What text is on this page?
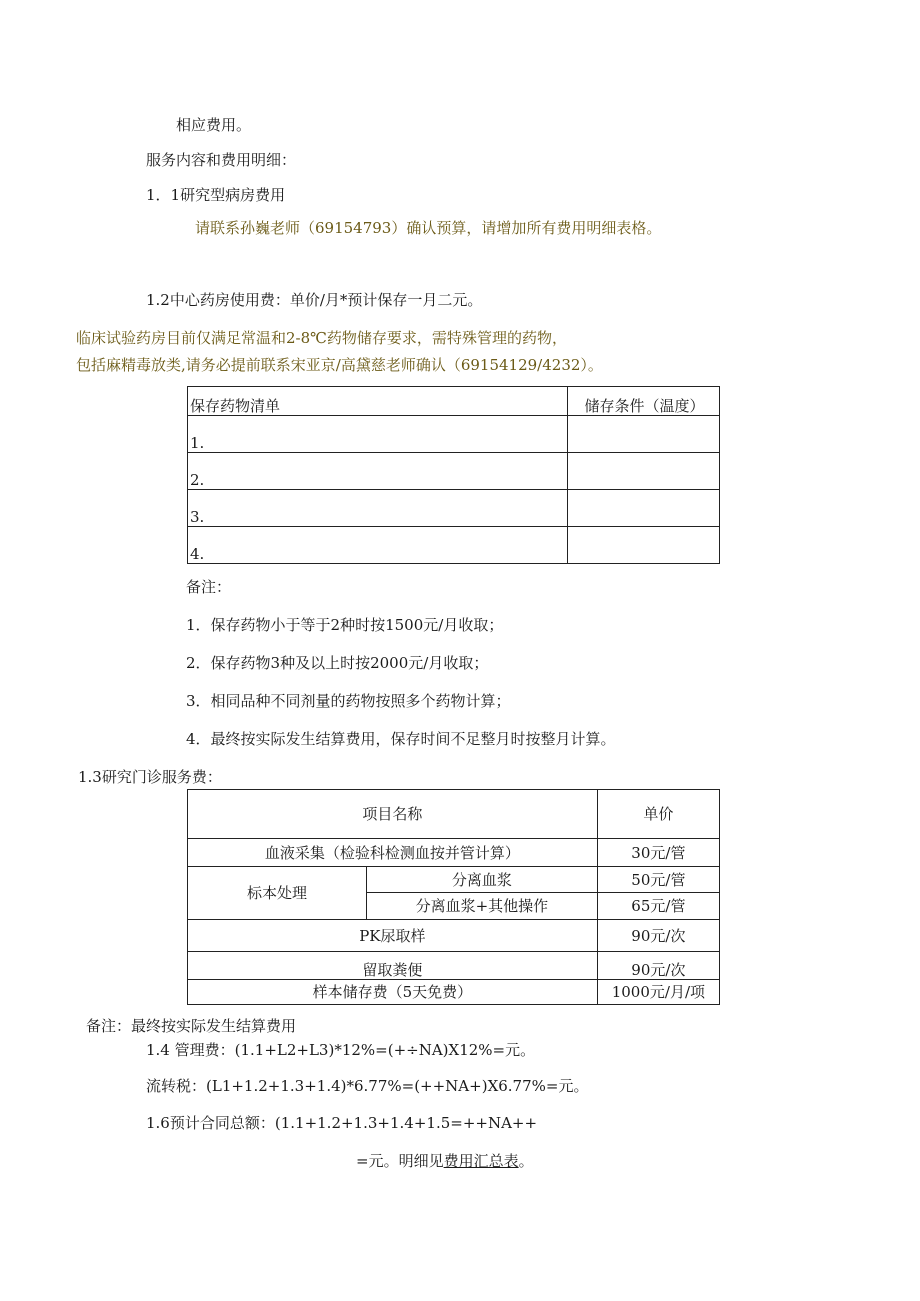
相应费用。
服务内容和费用明细：
1．1研究型病房费用
请联系孙巍老师（69154793）确认预算，请增加所有费用明细表格。
1.2中心药房使用费：单价/月*预计保存一月二元。
临床试验药房目前仅满足常温和2-8℃药物储存要求，需特殊管理的药物，
包括麻精毒放类,请务必提前联系宋亚京/高黛慈老师确认（69154129/4232）。
保存药物清单	储存条件（温度）
1.	
2.	
3.	
4.	
备注：
1．保存药物小于等于2种时按1500元/月收取；
2．保存药物3种及以上时按2000元/月收取；
3．相同品种不同剂量的药物按照多个药物计算；
4．最终按实际发生结算费用，保存时间不足整月时按整月计算。
1.3研究门诊服务费：
项目名称		单价
血液采集（检验科检测血按并管计算）		30元/管
标本处理	分离血浆	50元/管
	分离血浆+其他操作	65元/管
PK尿取样		90元/次
留取粪便		90元/次
样本储存费（5天免费）		1000元/月/项
备注：最终按实际发生结算费用
1.4 管理费：(1.1+L2+L3)*12%=(+÷NA)X12%=元。
流转税：(L1+1.2+1.3+1.4)*6.77%=(++NA+)X6.77%=元。
1.6预计合同总额：(1.1+1.2+1.3+1.4+1.5=++NA++
=元。明细见费用汇总表。
